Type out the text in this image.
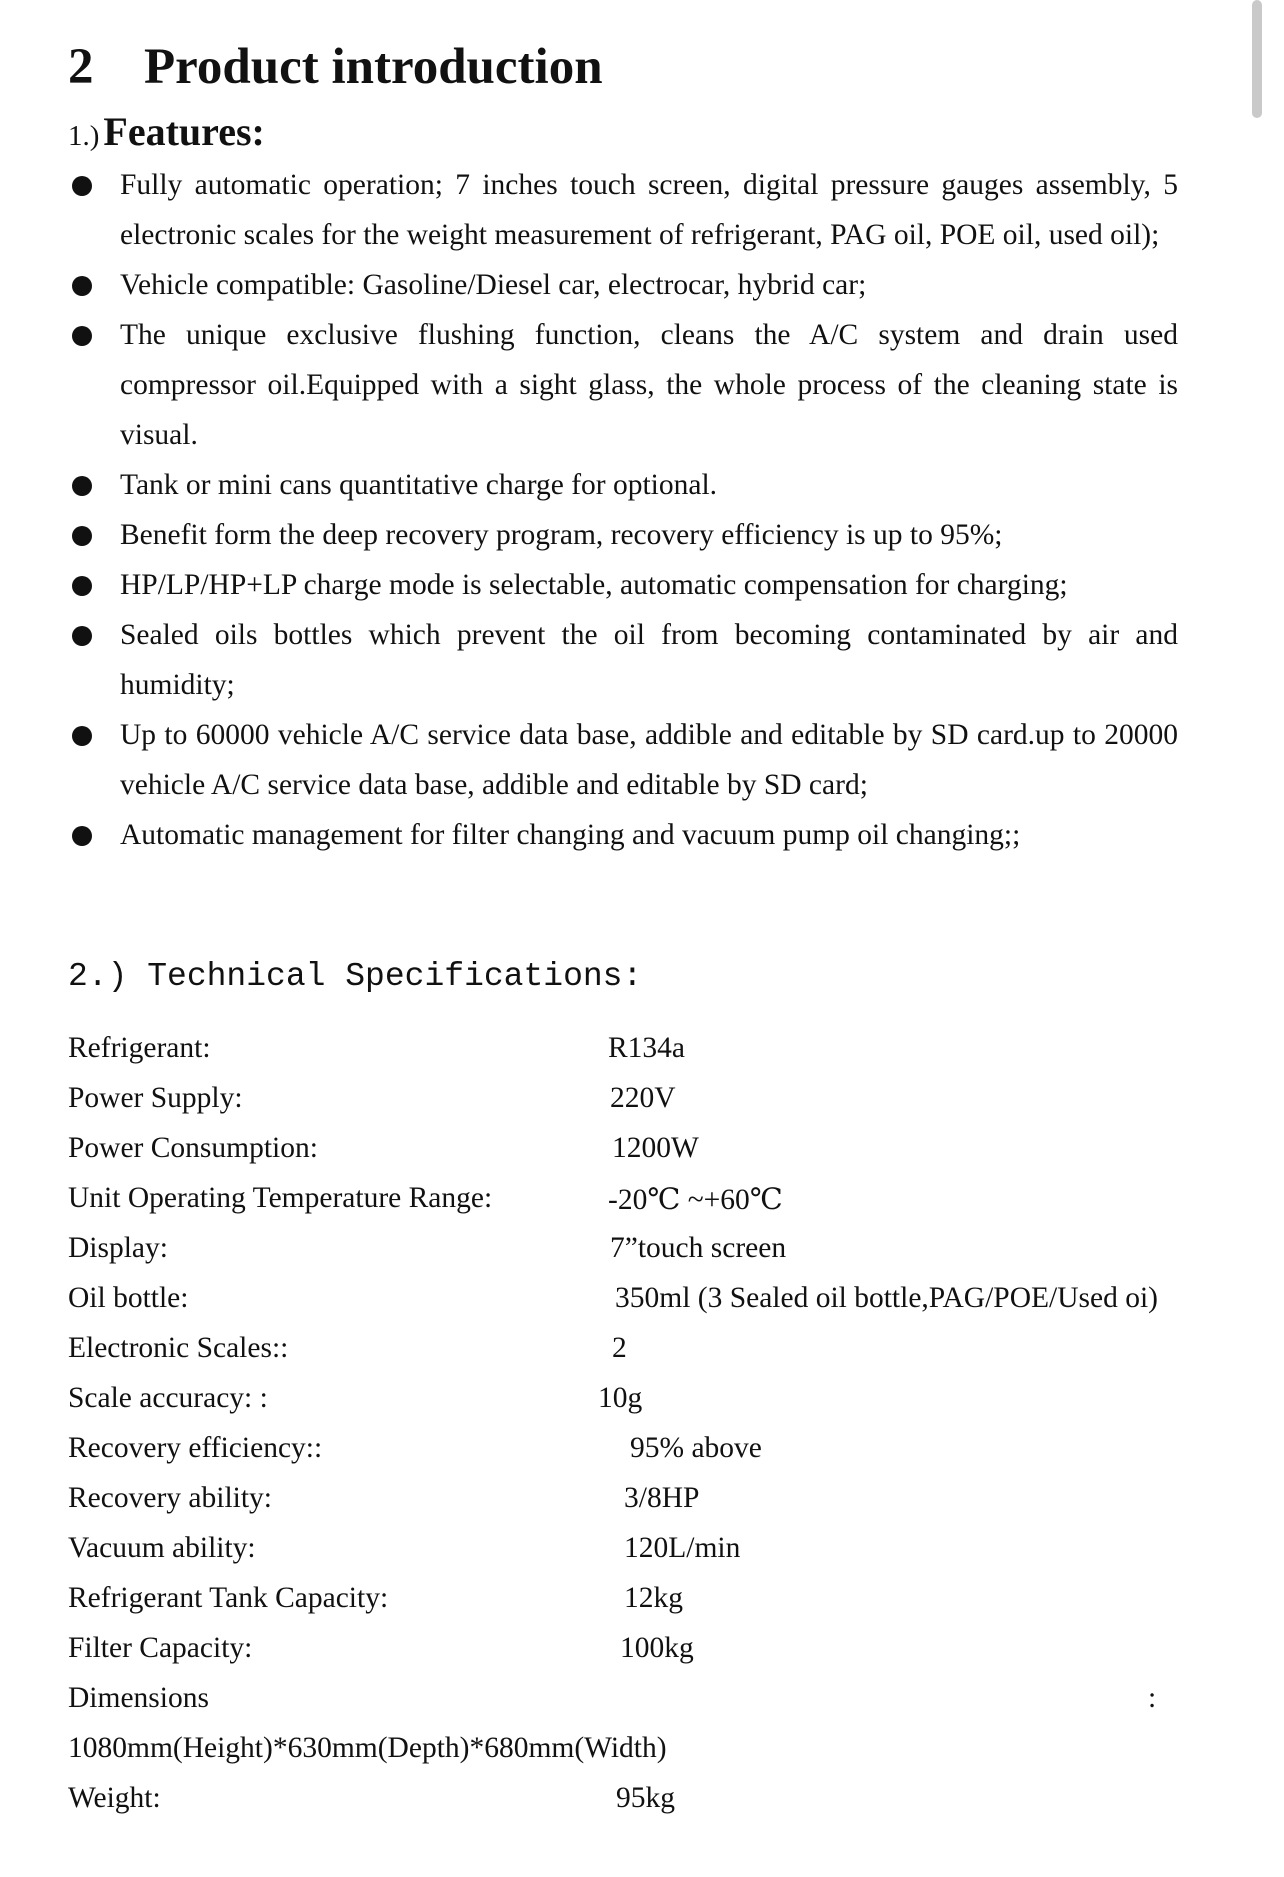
2 Product introduction
1.) Features:
Fully automatic operation; 7 inches touch screen, digital pressure gauges assembly, 5 electronic scales for the weight measurement of refrigerant, PAG oil, POE oil, used oil);
Vehicle compatible: Gasoline/Diesel car, electrocar, hybrid car;
The unique exclusive flushing function, cleans the A/C system and drain used compressor oil.Equipped with a sight glass, the whole process of the cleaning state is visual.
Tank or mini cans quantitative charge for optional.
Benefit form the deep recovery program, recovery efficiency is up to 95%;
HP/LP/HP+LP charge mode is selectable, automatic compensation for charging;
Sealed oils bottles which prevent the oil from becoming contaminated by air and humidity;
Up to 60000 vehicle A/C service data base, addible and editable by SD card.up to 20000 vehicle A/C service data base, addible and editable by SD card;
Automatic management for filter changing and vacuum pump oil changing;;
2.) Technical Specifications:
Refrigerant:	R134a
Power Supply:	220V
Power Consumption:	1200W
Unit Operating Temperature Range:	-20℃ ~+60℃
Display:	7”touch screen
Oil bottle:	350ml (3 Sealed oil bottle,PAG/POE/Used oi)
Electronic Scales::	2
Scale accuracy: :	10g
Recovery efficiency::	95% above
Recovery ability:	3/8HP
Vacuum ability:	120L/min
Refrigerant Tank Capacity:	12kg
Filter Capacity:	100kg
Dimensions	:
1080mm(Height)*630mm(Depth)*680mm(Width)
Weight:	95kg
